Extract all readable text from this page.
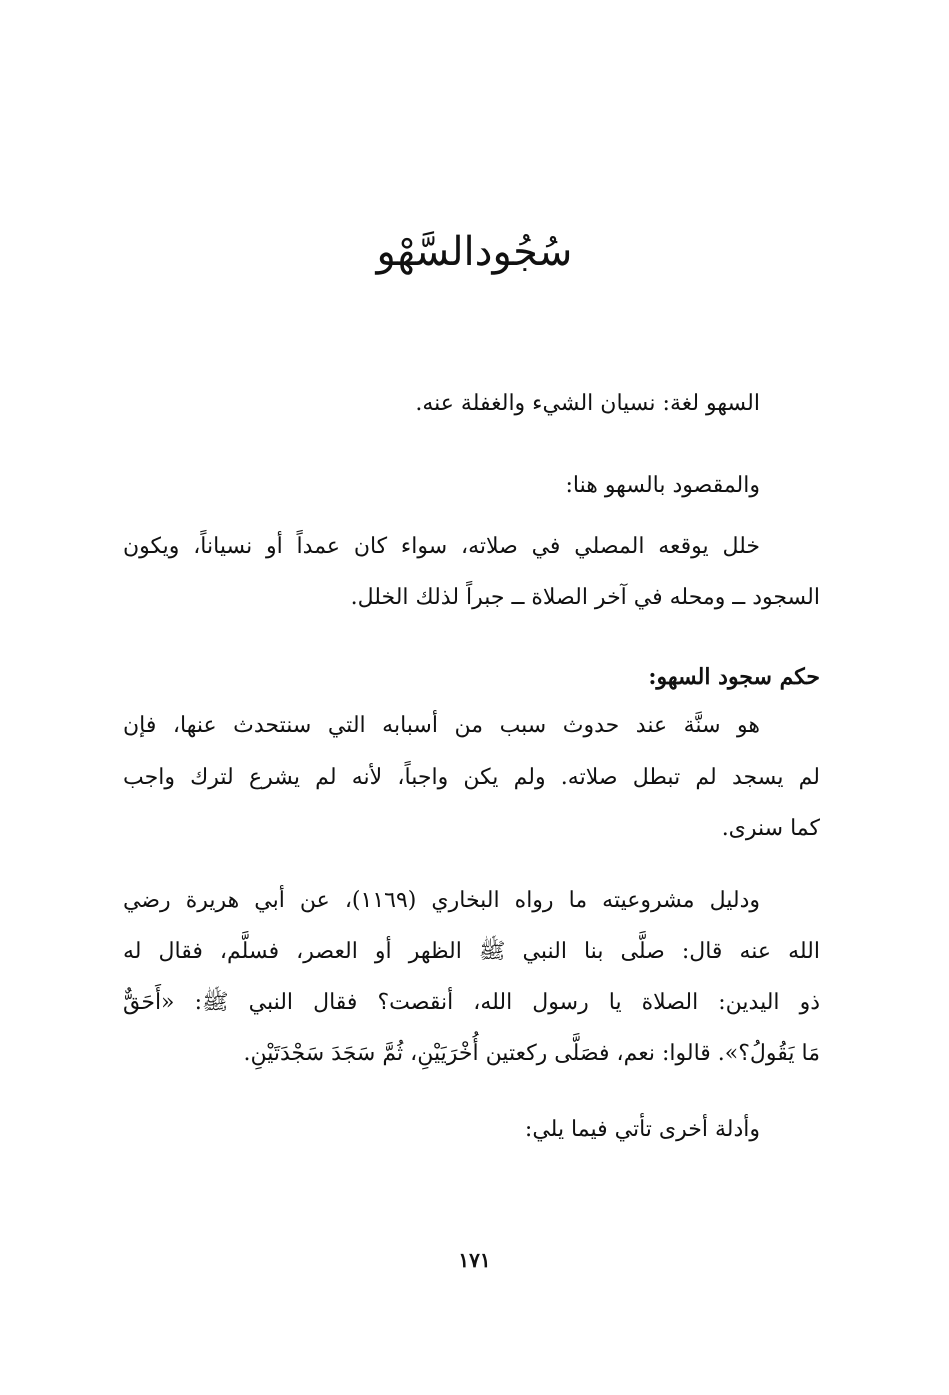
سُجُودالسَّهْو
السهو لغة: نسيان الشيء والغفلة عنه.
والمقصود بالسهو هنا:
خلل يوقعه المصلي في صلاته، سواء كان عمداً أو نسياناً، ويكون
السجود ــ ومحله في آخر الصلاة ــ جبراً لذلك الخلل.
حكم سجود السهو:
هو سنَّة عند حدوث سبب من أسبابه التي سنتحدث عنها، فإن
لم يسجد لم تبطل صلاته. ولم يكن واجباً، لأنه لم يشرع لترك واجب
كما سنرى.
ودليل مشروعيته ما رواه البخاري (١١٦٩)، عن أبي هريرة رضي
الله عنه قال: صلَّى بنا النبي ﷺ الظهر أو العصر، فسلَّم، فقال له
ذو اليدين: الصلاة يا رسول الله، أنقصت؟ فقال النبي ﷺ: «أَحَقٌّ
مَا يَقُولُ؟». قالوا: نعم، فصَلَّى ركعتين أُخْرَيَيْنِ، ثُمَّ سَجَدَ سَجْدَتَيْنِ.
وأدلة أخرى تأتي فيما يلي:
١٧١
